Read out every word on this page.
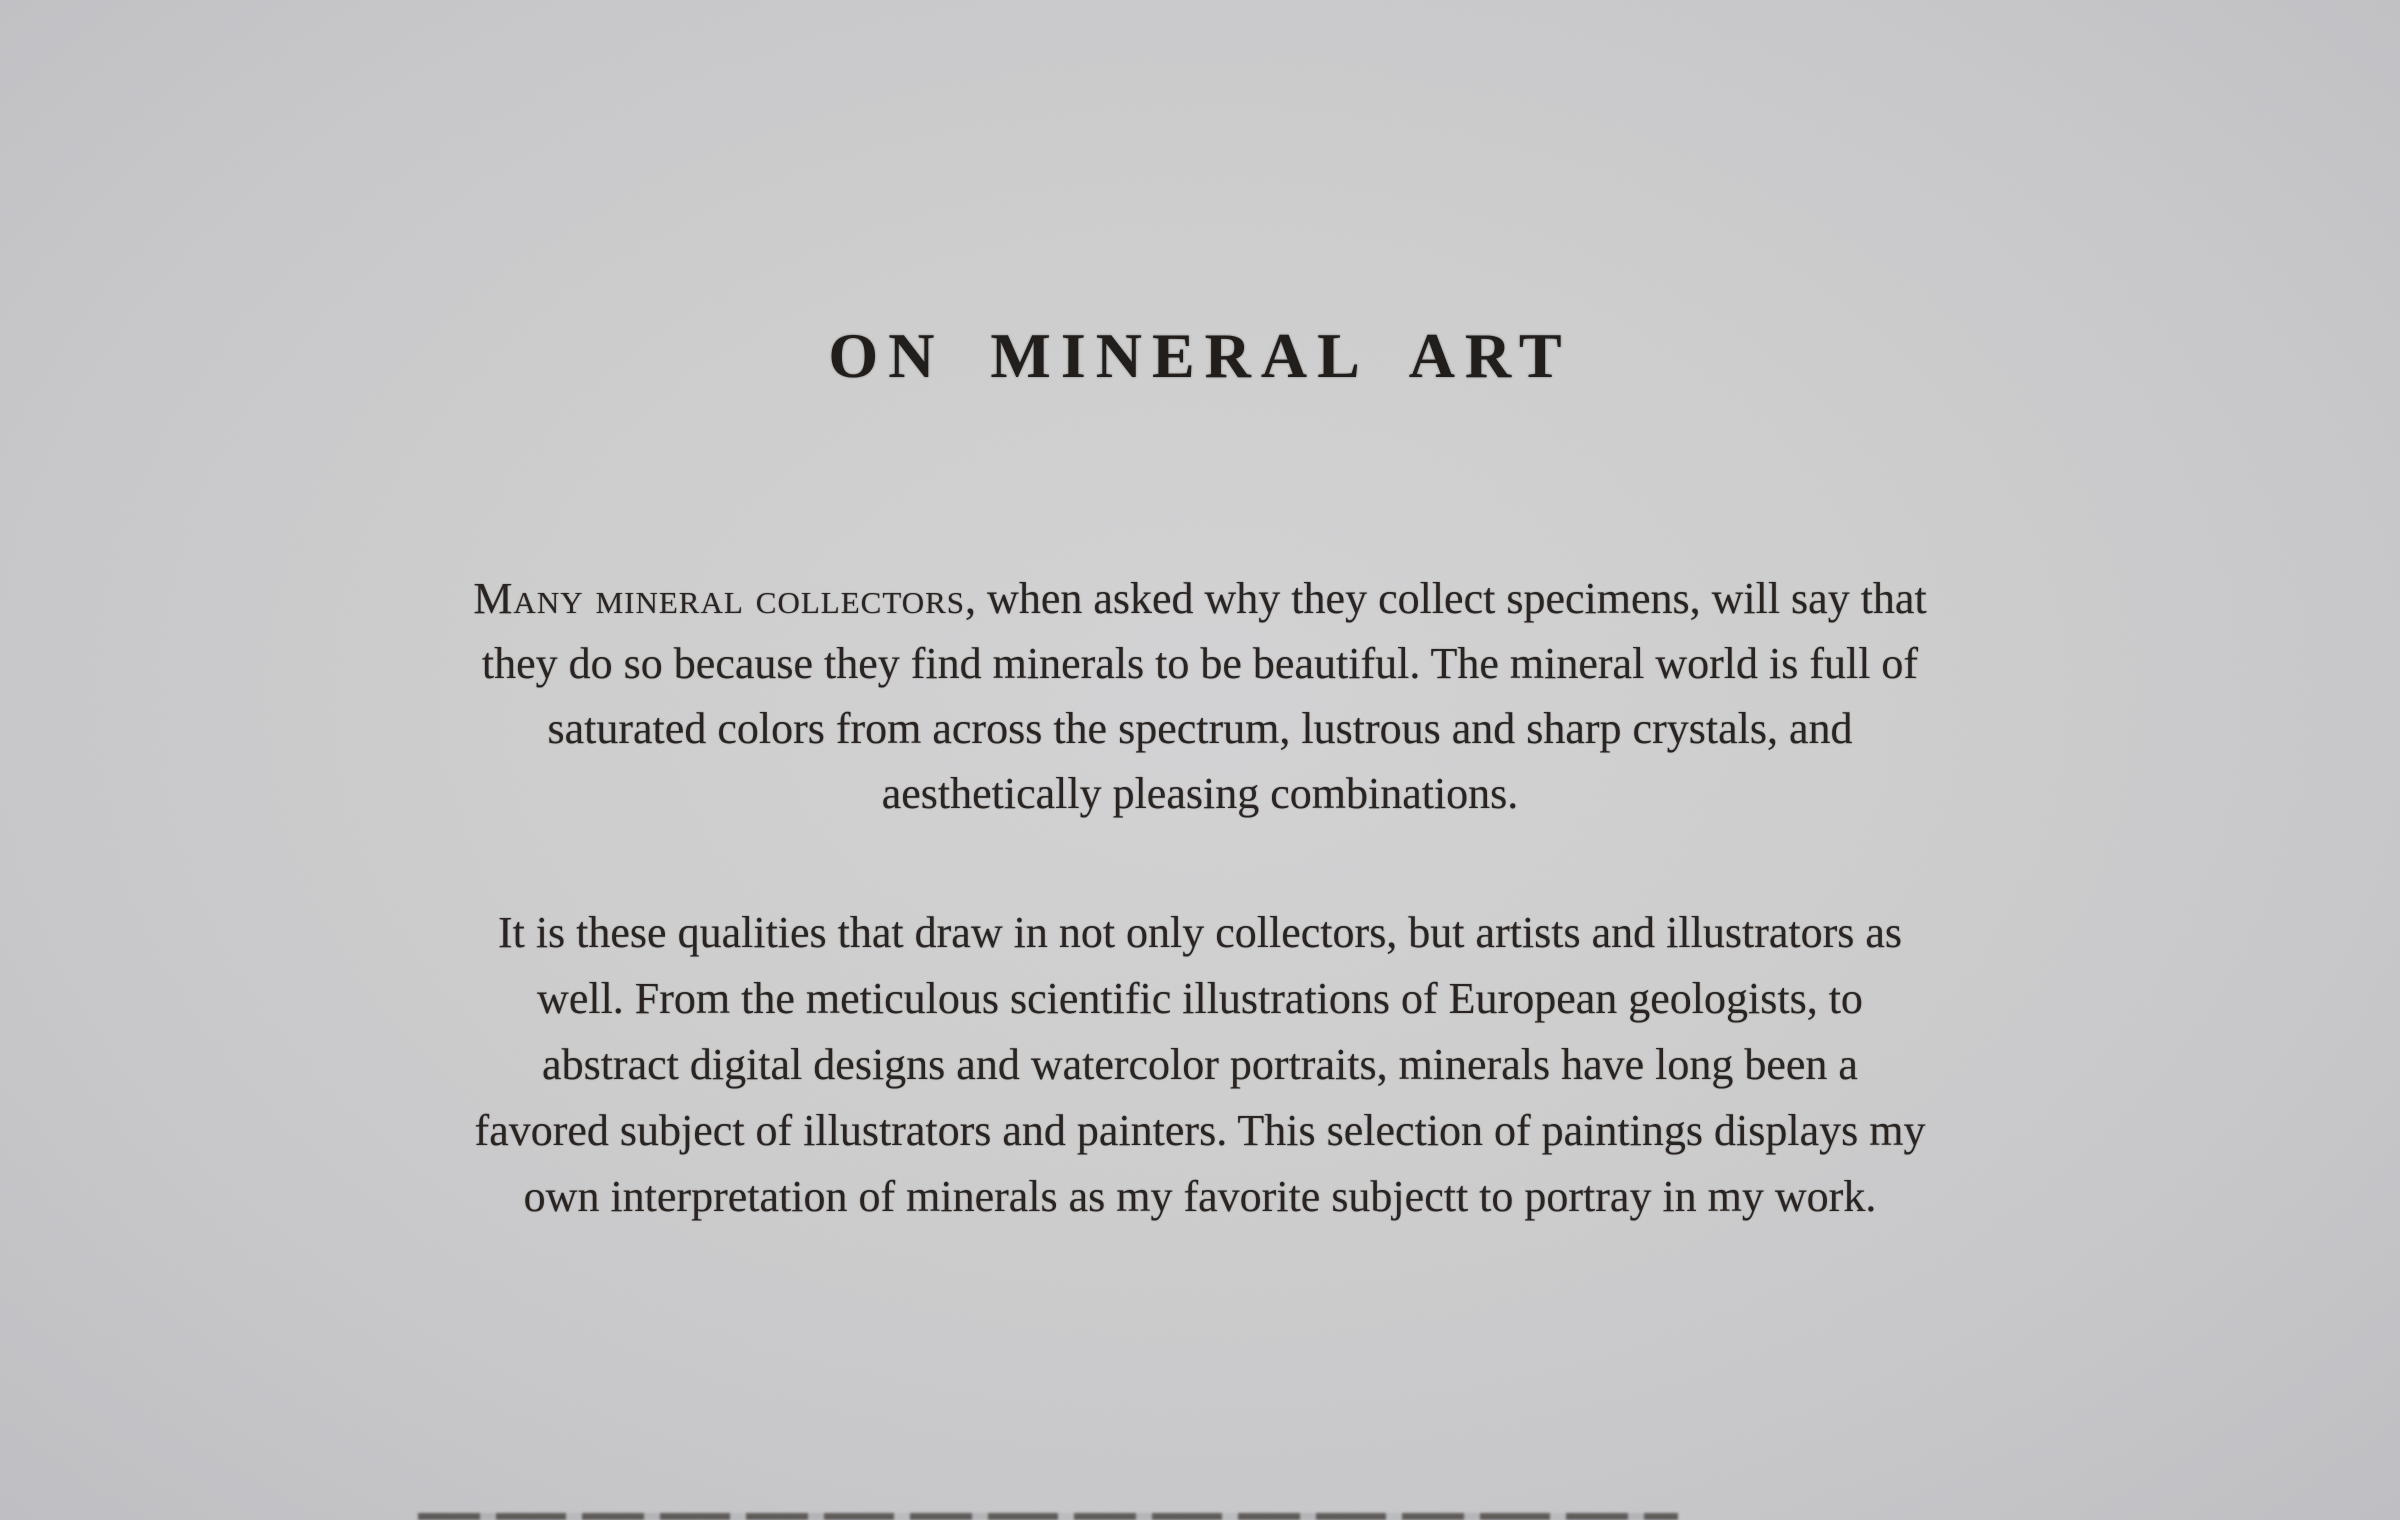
ON MINERAL ART
Many mineral collectors, when asked why they collect specimens, will say that
they do so because they find minerals to be beautiful. The mineral world is full of
saturated colors from across the spectrum, lustrous and sharp crystals, and
aesthetically pleasing combinations.
It is these qualities that draw in not only collectors, but artists and illustrators as
well. From the meticulous scientific illustrations of European geologists, to
abstract digital designs and watercolor portraits, minerals have long been a
favored subject of illustrators and painters. This selection of paintings displays my
own interpretation of minerals as my favorite subjectt to portray in my work.
